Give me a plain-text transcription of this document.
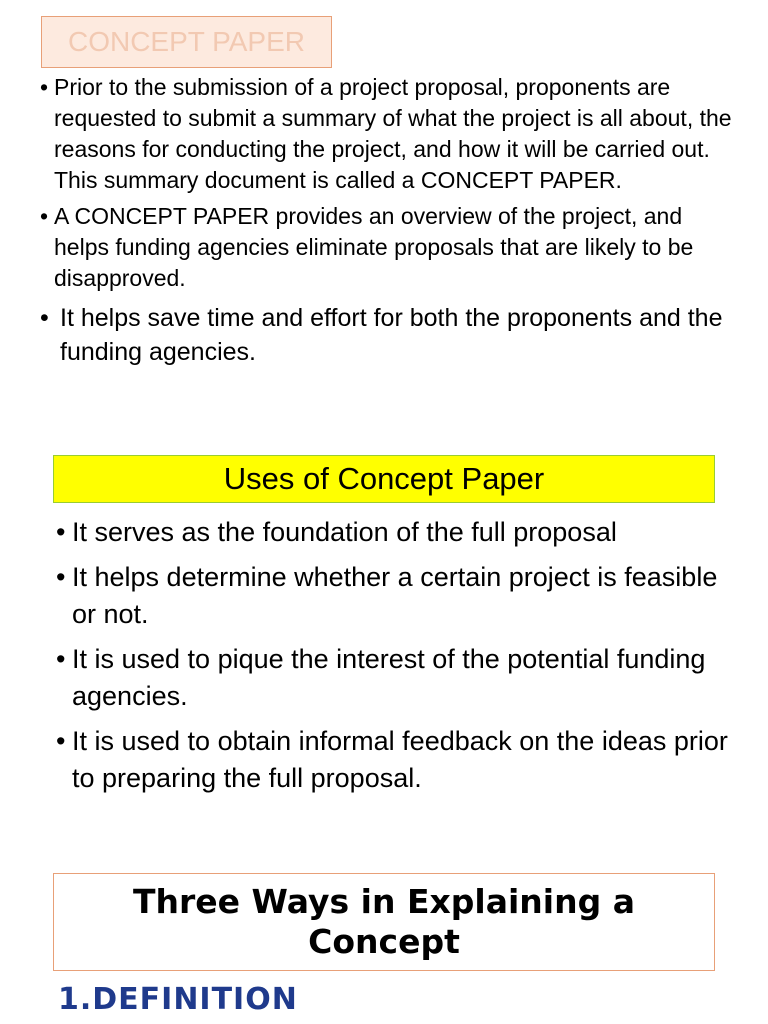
CONCEPT PAPER
• Prior to the submission of a project proposal, proponents are requested to submit a summary of what the project is all about, the reasons for conducting the project, and how it will be carried out. This summary document is called a CONCEPT PAPER.
• A CONCEPT PAPER provides an overview of the project, and helps funding agencies eliminate proposals that are likely to be disapproved.
• It helps save time and effort for both the proponents and the funding agencies.
Uses of Concept Paper
• It serves as the foundation of the full proposal
• It helps determine whether a certain project is feasible or not.
• It is used to pique the interest of the potential funding agencies.
• It is used to obtain informal feedback on the ideas prior to preparing the full proposal.
Three Ways in Explaining a Concept
1.DEFINITION
